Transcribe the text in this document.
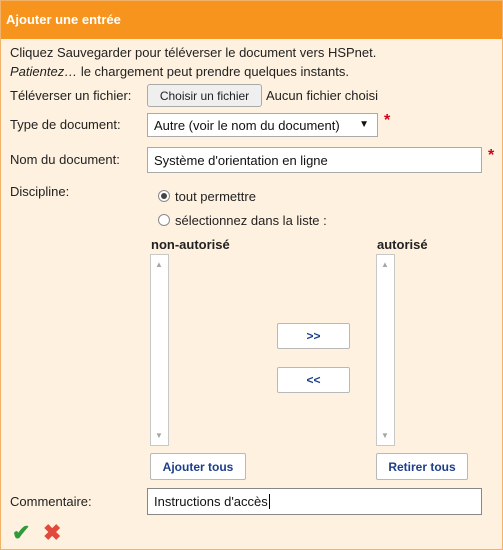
Ajouter une entrée
Cliquez Sauvegarder pour téléverser le document vers HSPnet.
Patientez… le chargement peut prendre quelques instants.
Téléverser un fichier:	Choisir un fichier	Aucun fichier choisi
Type de document:	Autre (voir le nom du document) ▼ *
Nom du document:	Système d'orientation en ligne	*
Discipline:	tout permettre
sélectionnez dans la liste :
non-autorisé	autorisé
▲
▼
▲
▼
>>
<<
Ajouter tous	Retirer tous
Commentaire:	Instructions d'accès
✔ ✖
